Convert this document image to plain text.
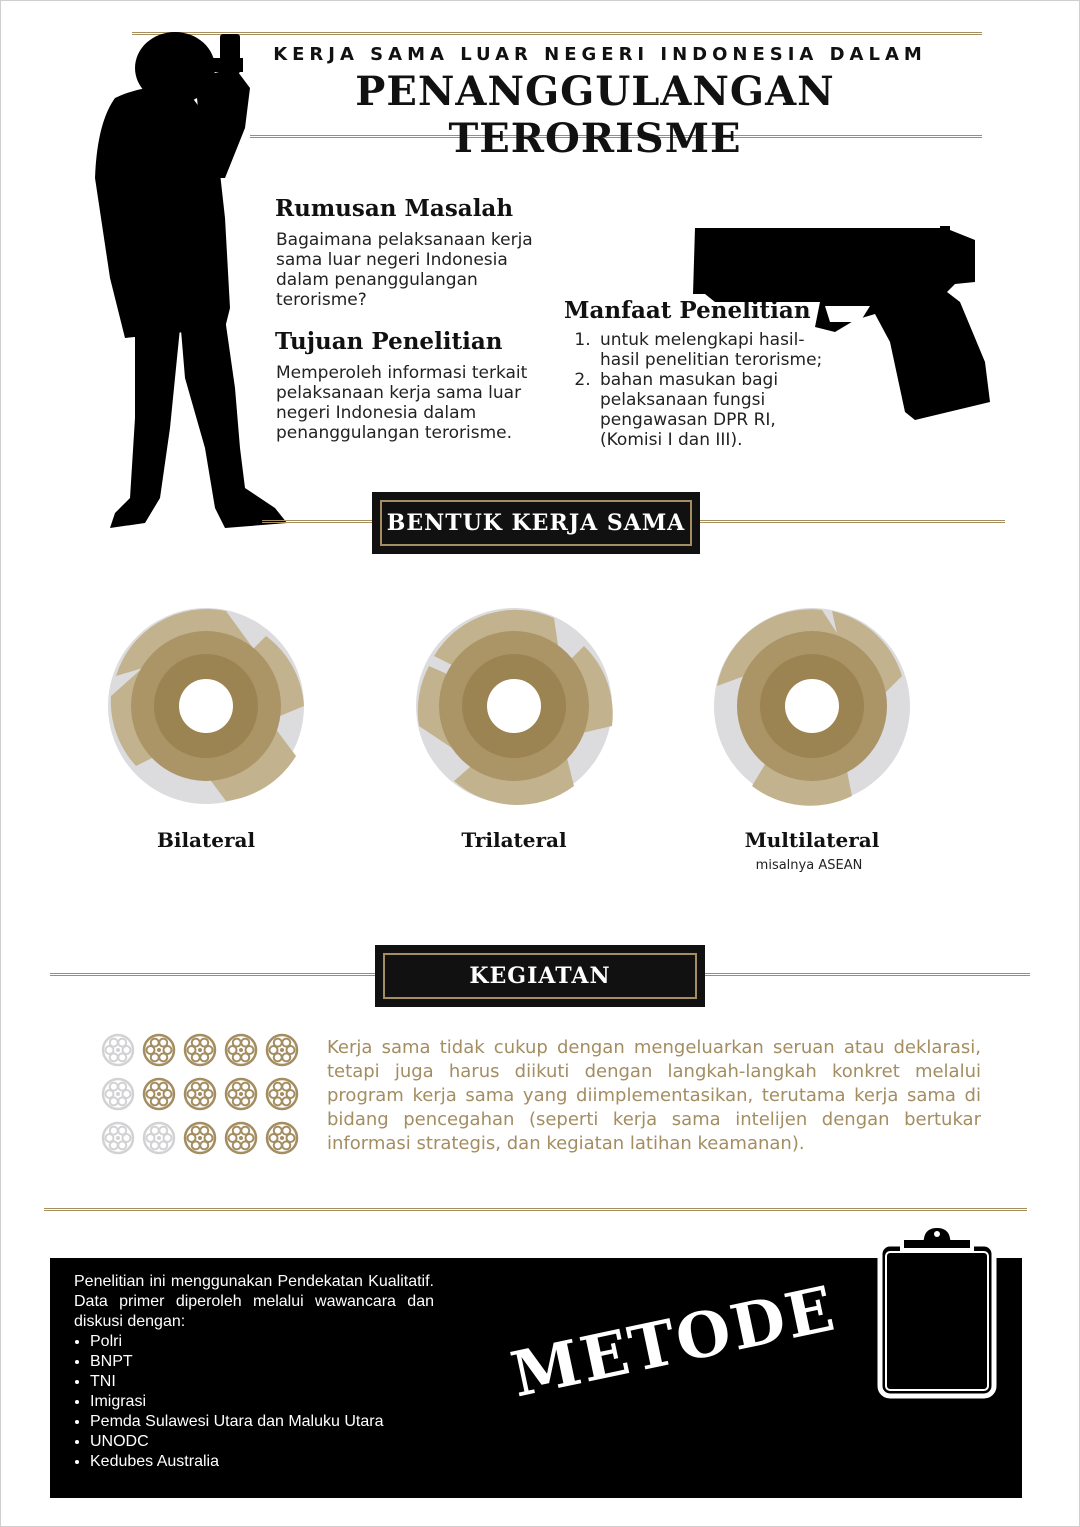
KERJA SAMA LUAR NEGERI INDONESIA DALAM
PENANGGULANGAN TERORISME
Rumusan Masalah
Bagaimana pelaksanaan kerja sama luar negeri Indonesia dalam penanggulangan terorisme?
Tujuan Penelitian
Memperoleh informasi terkait pelaksanaan kerja sama luar negeri Indonesia dalam penanggulangan terorisme.
Manfaat Penelitian
1. untuk melengkapi hasil-hasil penelitian terorisme;
2. bahan masukan bagi pelaksanaan fungsi pengawasan DPR RI, (Komisi I dan III).
BENTUK KERJA SAMA
Bilateral	Trilateral	Multilateral
misalnya ASEAN
KEGIATAN
Kerja sama tidak cukup dengan mengeluarkan seruan atau deklarasi, tetapi juga harus diikuti dengan langkah-langkah konkret melalui program kerja sama yang diimplementasikan, terutama kerja sama di bidang pencegahan (seperti kerja sama intelijen dengan bertukar informasi strategis, dan kegiatan latihan keamanan).
Penelitian ini menggunakan Pendekatan Kualitatif. Data primer diperoleh melalui wawancara dan diskusi dengan:
• Polri
• BNPT
• TNI
• Imigrasi
• Pemda Sulawesi Utara dan Maluku Utara
• UNODC
• Kedubes Australia
METODE
